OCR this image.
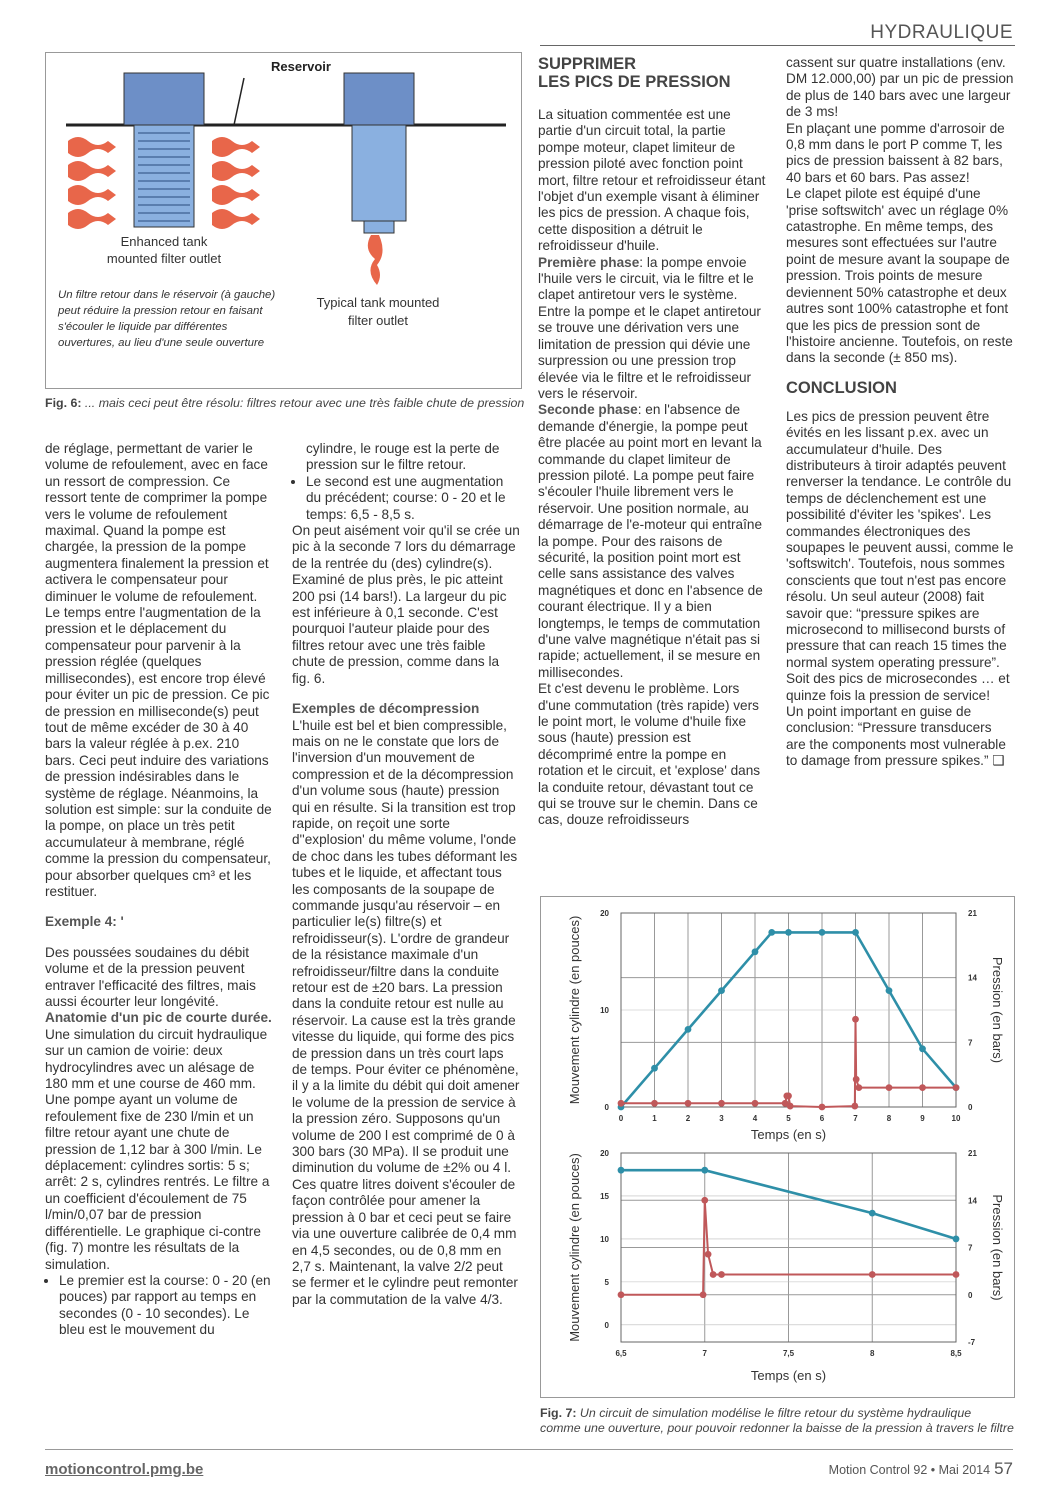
HYDRAULIQUE
Reservoir
Enhanced tank
mounted filter outlet
Typical tank mounted
filter outlet
Un filtre retour dans le réservoir (à gauche)
peut réduire la pression retour en faisant
s'écouler le liquide par différentes
ouvertures, au lieu d'une seule ouverture
Fig. 6: ... mais ceci peut être résolu: filtres retour avec une très faible chute de pression

de réglage, permettant de varier le volume de refoulement, avec en face un ressort de compression. Ce ressort tente de comprimer la pompe vers le volume de refoulement maximal. Quand la pompe est chargée, la pression de la pompe augmentera finalement la pression et activera le compensateur pour diminuer le volume de refoulement. Le temps entre l'augmentation de la pression et le déplacement du compensateur pour parvenir à la pression réglée (quelques millisecondes), est encore trop élevé pour éviter un pic de pression. Ce pic de pression en milliseconde(s) peut tout de même excéder de 30 à 40 bars la valeur réglée à p.ex. 210 bars. Ceci peut induire des variations de pression indésirables dans le système de réglage. Néanmoins, la solution est simple: sur la conduite de la pompe, on place un très petit accumulateur à membrane, réglé comme la pression du compensateur, pour absorber quelques cm³ et les restituer.

Exemple 4: '

Des poussées soudaines du débit volume et de la pression peuvent entraver l'efficacité des filtres, mais aussi écourter leur longévité.

Anatomie d'un pic de courte durée. Une simulation du circuit hydraulique sur un camion de voirie: deux hydrocylindres avec un alésage de 180 mm et une course de 460 mm. Une pompe ayant un volume de refoulement fixe de 230 l/min et un filtre retour ayant une chute de pression de 1,12 bar à 300 l/min. Le déplacement: cylindres sortis: 5 s; arrêt: 2 s, cylindres rentrés. Le filtre a un coefficient d'écoulement de 75 l/min/0,07 bar de pression différentielle. Le graphique ci-contre (fig. 7) montre les résultats de la simulation.

• Le premier est la course: 0 - 20 (en pouces) par rapport au temps en secondes (0 - 10 secondes). Le bleu est le mouvement du

cylindre, le rouge est la perte de pression sur le filtre retour.

• Le second est une augmentation du précédent; course: 0 - 20 et le temps: 6,5 - 8,5 s.

On peut aisément voir qu'il se crée un pic à la seconde 7 lors du démarrage de la rentrée du (des) cylindre(s). Examiné de plus près, le pic atteint 200 psi (14 bars!). La largeur du pic est inférieure à 0,1 seconde. C'est pourquoi l'auteur plaide pour des filtres retour avec une très faible chute de pression, comme dans la fig. 6.

Exemples de décompression

L'huile est bel et bien compressible, mais on ne le constate que lors de l'inversion d'un mouvement de compression et de la décompression d'un volume sous (haute) pression qui en résulte. Si la transition est trop rapide, on reçoit une sorte d''explosion' du même volume, l'onde de choc dans les tubes déformant les tubes et le liquide, et affectant tous les composants de la soupape de commande jusqu'au réservoir – en particulier le(s) filtre(s) et refroidisseur(s). L'ordre de grandeur de la résistance maximale d'un refroidisseur/filtre dans la conduite retour est de ±20 bars. La pression dans la conduite retour est nulle au réservoir. La cause est la très grande vitesse du liquide, qui forme des pics de pression dans un très court laps de temps. Pour éviter ce phénomène, il y a la limite du débit qui doit amener le volume de la pression de service à la pression zéro. Supposons qu'un volume de 200 l est comprimé de 0 à 300 bars (30 MPa). Il se produit une diminution du volume de ±2% ou 4 l. Ces quatre litres doivent s'écouler de façon contrôlée pour amener la pression à 0 bar et ceci peut se faire via une ouverture calibrée de 0,4 mm en 4,5 secondes, ou de 0,8 mm en 2,7 s. Maintenant, la valve 2/2 peut se fermer et le cylindre peut remonter par la commutation de la valve 4/3.

SUPPRIMER
LES PICS DE PRESSION

La situation commentée est une partie d'un circuit total, la partie pompe moteur, clapet limiteur de pression piloté avec fonction point mort, filtre retour et refroidisseur étant l'objet d'un exemple visant à éliminer les pics de pression. A chaque fois, cette disposition a détruit le refroidisseur d'huile.

Première phase: la pompe envoie l'huile vers le circuit, via le filtre et le clapet antiretour vers le système. Entre la pompe et le clapet antiretour se trouve une dérivation vers une limitation de pression qui dévie une surpression ou une pression trop élevée via le filtre et le refroidisseur vers le réservoir.

Seconde phase: en l'absence de demande d'énergie, la pompe peut être placée au point mort en levant la commande du clapet limiteur de pression piloté. La pompe peut faire s'écouler l'huile librement vers le réservoir. Une position normale, au démarrage de l'e-moteur qui entraîne la pompe. Pour des raisons de sécurité, la position point mort est celle sans assistance des valves magnétiques et donc en l'absence de courant électrique. Il y a bien longtemps, le temps de commutation d'une valve magnétique n'était pas si rapide; actuellement, il se mesure en millisecondes.

Et c'est devenu le problème. Lors d'une commutation (très rapide) vers le point mort, le volume d'huile fixe sous (haute) pression est décomprimé entre la pompe en rotation et le circuit, et 'explose' dans la conduite retour, dévastant tout ce qui se trouve sur le chemin. Dans ce cas, douze refroidisseurs

cassent sur quatre installations (env. DM 12.000,00) par un pic de pression de plus de 140 bars avec une largeur de 3 ms!

En plaçant une pomme d'arrosoir de 0,8 mm dans le port P comme T, les pics de pression baissent à 82 bars, 40 bars et 60 bars. Pas assez!

Le clapet pilote est équipé d'une 'prise softswitch' avec un réglage 0% catastrophe. En même temps, des mesures sont effectuées sur l'autre point de mesure avant la soupape de pression. Trois points de mesure deviennent 50% catastrophe et deux autres sont 100% catastrophe et font que les pics de pression sont de l'histoire ancienne. Toutefois, on reste dans la seconde (± 850 ms).

CONCLUSION

Les pics de pression peuvent être évités en les lissant p.ex. avec un accumulateur d'huile. Des distributeurs à tiroir adaptés peuvent renverser la tendance. Le contrôle du temps de déclenchement est une possibilité d'éviter les 'spikes'. Les commandes électroniques des soupapes le peuvent aussi, comme le 'softswitch'. Toutefois, nous sommes conscients que tout n'est pas encore résolu. Un seul auteur (2008) fait savoir que: “pressure spikes are microsecond to millisecond bursts of pressure that can reach 15 times the normal system operating pressure”. Soit des pics de microsecondes … et quinze fois la pression de service!

Un point important en guise de conclusion: “Pressure transducers are the components most vulnerable to damage from pressure spikes.” ❑

0	1	2	3	4	5	6	7	8	9	10
0
7
14
21
0
10
20
Temps (en s)
Mouvement cylindre (en pouces)	Pression (en bars)
6,5	7	7,5	8	8,5
-7
0
7
14
21
0
5
10
15
20
Temps (en s)
Mouvement cylindre (en pouces)	Pression (en bars)
Fig. 7: Un circuit de simulation modélise le filtre retour du système hydraulique comme une ouverture, pour pouvoir redonner la baisse de la pression à travers le filtre
motioncontrol.pmg.be	Motion Control 92 • Mai 2014 57
